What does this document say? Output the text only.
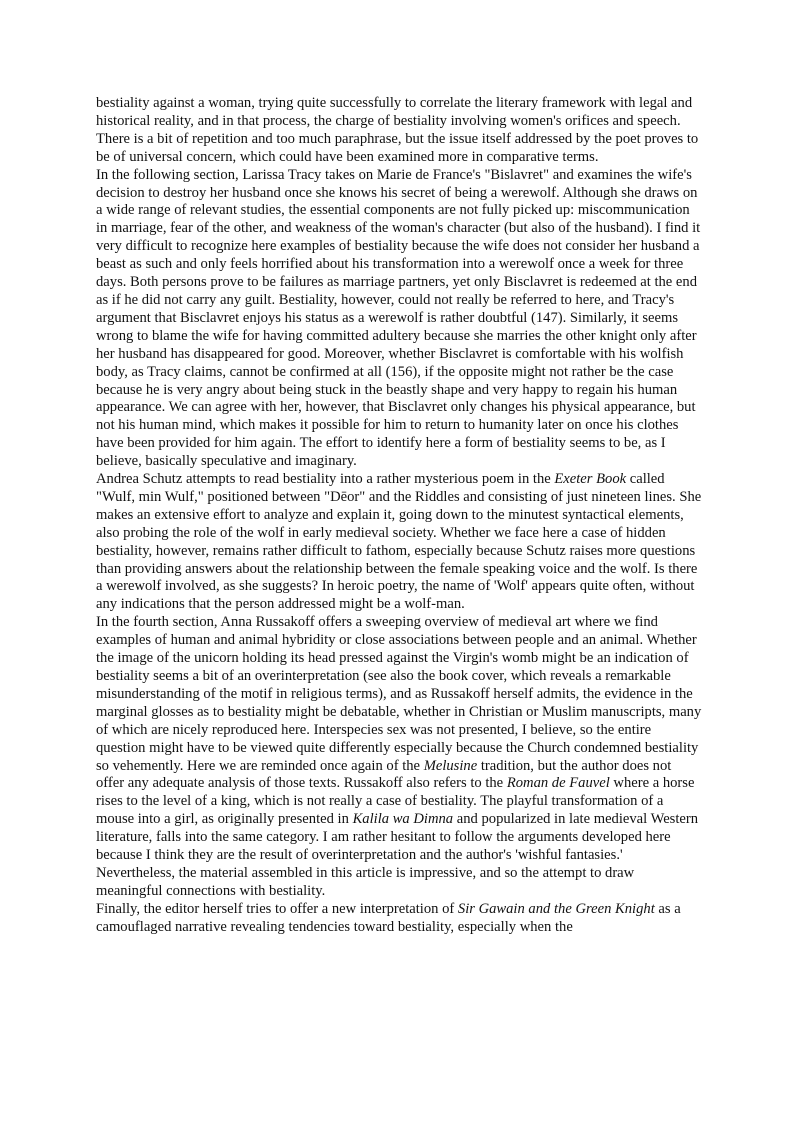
bestiality against a woman, trying quite successfully to correlate the literary framework with legal and historical reality, and in that process, the charge of bestiality involving women's orifices and speech. There is a bit of repetition and too much paraphrase, but the issue itself addressed by the poet proves to be of universal concern, which could have been examined more in comparative terms.

In the following section, Larissa Tracy takes on Marie de France's "Bislavret" and examines the wife's decision to destroy her husband once she knows his secret of being a werewolf. Although she draws on a wide range of relevant studies, the essential components are not fully picked up: miscommunication in marriage, fear of the other, and weakness of the woman's character (but also of the husband). I find it very difficult to recognize here examples of bestiality because the wife does not consider her husband a beast as such and only feels horrified about his transformation into a werewolf once a week for three days. Both persons prove to be failures as marriage partners, yet only Bisclavret is redeemed at the end as if he did not carry any guilt. Bestiality, however, could not really be referred to here, and Tracy's argument that Bisclavret enjoys his status as a werewolf is rather doubtful (147). Similarly, it seems wrong to blame the wife for having committed adultery because she marries the other knight only after her husband has disappeared for good. Moreover, whether Bisclavret is comfortable with his wolfish body, as Tracy claims, cannot be confirmed at all (156), if the opposite might not rather be the case because he is very angry about being stuck in the beastly shape and very happy to regain his human appearance. We can agree with her, however, that Bisclavret only changes his physical appearance, but not his human mind, which makes it possible for him to return to humanity later on once his clothes have been provided for him again. The effort to identify here a form of bestiality seems to be, as I believe, basically speculative and imaginary.

Andrea Schutz attempts to read bestiality into a rather mysterious poem in the Exeter Book called "Wulf, min Wulf," positioned between "Dēor" and the Riddles and consisting of just nineteen lines. She makes an extensive effort to analyze and explain it, going down to the minutest syntactical elements, also probing the role of the wolf in early medieval society. Whether we face here a case of hidden bestiality, however, remains rather difficult to fathom, especially because Schutz raises more questions than providing answers about the relationship between the female speaking voice and the wolf. Is there a werewolf involved, as she suggests? In heroic poetry, the name of 'Wolf' appears quite often, without any indications that the person addressed might be a wolf-man.

In the fourth section, Anna Russakoff offers a sweeping overview of medieval art where we find examples of human and animal hybridity or close associations between people and an animal. Whether the image of the unicorn holding its head pressed against the Virgin's womb might be an indication of bestiality seems a bit of an overinterpretation (see also the book cover, which reveals a remarkable misunderstanding of the motif in religious terms), and as Russakoff herself admits, the evidence in the marginal glosses as to bestiality might be debatable, whether in Christian or Muslim manuscripts, many of which are nicely reproduced here. Interspecies sex was not presented, I believe, so the entire question might have to be viewed quite differently especially because the Church condemned bestiality so vehemently. Here we are reminded once again of the Melusine tradition, but the author does not offer any adequate analysis of those texts. Russakoff also refers to the Roman de Fauvel where a horse rises to the level of a king, which is not really a case of bestiality. The playful transformation of a mouse into a girl, as originally presented in Kalila wa Dimna and popularized in late medieval Western literature, falls into the same category. I am rather hesitant to follow the arguments developed here because I think they are the result of overinterpretation and the author's 'wishful fantasies.' Nevertheless, the material assembled in this article is impressive, and so the attempt to draw meaningful connections with bestiality.

Finally, the editor herself tries to offer a new interpretation of Sir Gawain and the Green Knight as a camouflaged narrative revealing tendencies toward bestiality, especially when the
